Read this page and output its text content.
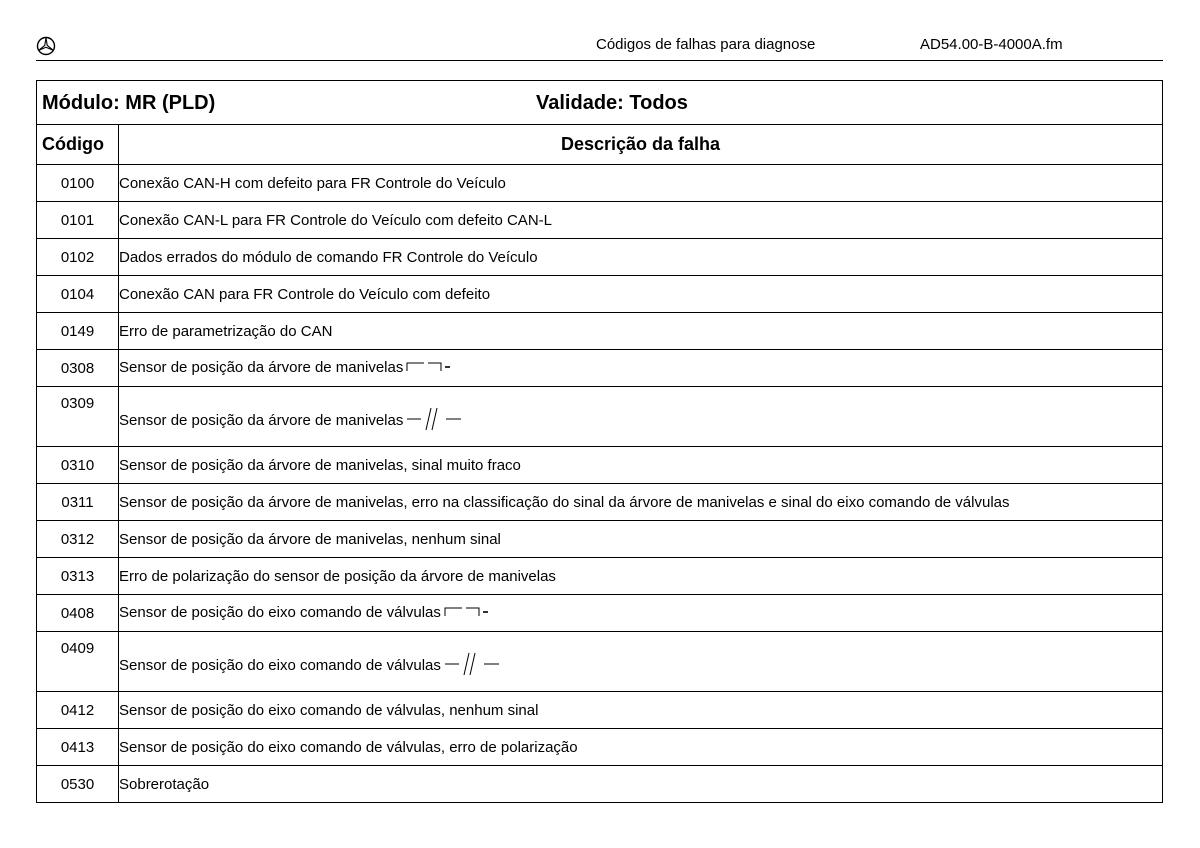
Códigos de falhas para diagnose	AD54.00-B-4000A.fm
Módulo: MR (PLD) Validade: Todos	

Código	Descrição da falha
0100	Conexão CAN-H com defeito para FR Controle do Veículo
0101	Conexão CAN-L para FR Controle do Veículo com defeito CAN-L
0102	Dados errados do módulo de comando FR Controle do Veículo
0104	Conexão CAN para FR Controle do Veículo com defeito
0149	Erro de parametrização do CAN
0308	Sensor de posição da árvore de manivelas
0309	Sensor de posição da árvore de manivelas
0310	Sensor de posição da árvore de manivelas, sinal muito fraco
0311	Sensor de posição da árvore de manivelas, erro na classificação do sinal da árvore de manivelas e sinal do eixo comando de válvulas
0312	Sensor de posição da árvore de manivelas, nenhum sinal
0313	Erro de polarização do sensor de posição da árvore de manivelas
0408	Sensor de posição do eixo comando de válvulas
0409	Sensor de posição do eixo comando de válvulas
0412	Sensor de posição do eixo comando de válvulas, nenhum sinal
0413	Sensor de posição do eixo comando de válvulas, erro de polarização
0530	Sobrerotação
